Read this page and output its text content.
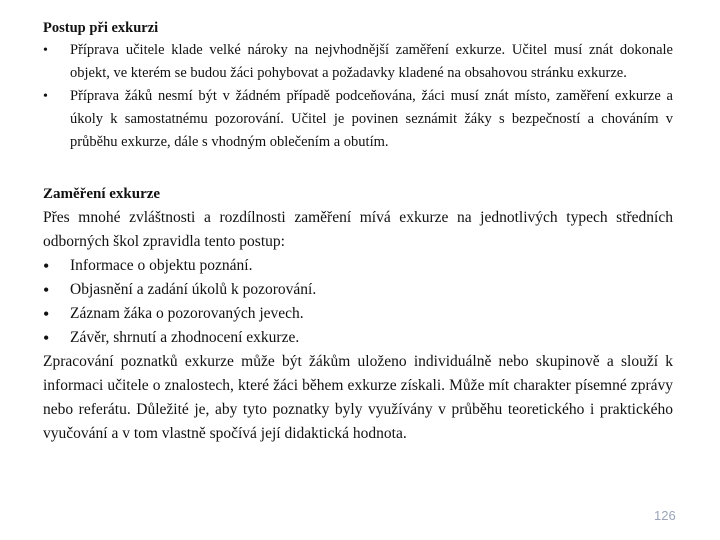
Postup při exkurzi

• Příprava učitele klade velké nároky na nejvhodnější zaměření exkurze. Učitel musí znát dokonale objekt, ve kterém se budou žáci pohybovat a požadavky kladené na obsahovou stránku exkurze.
• Příprava žáků nesmí být v žádném případě podceňována, žáci musí znát místo, zaměření exkurze a úkoly k samostatnému pozorování. Učitel je povinen seznámit žáky s bezpečností a chováním v průběhu exkurze, dále s vhodným oblečením a obutím.

Zaměření exkurze

Přes mnohé zvláštnosti a rozdílnosti zaměření mívá exkurze na jednotlivých typech středních odborných škol zpravidla tento postup:

• Informace o objektu poznání.
• Objasnění a zadání úkolů k pozorování.
• Záznam žáka o pozorovaných jevech.
• Závěr, shrnutí a zhodnocení exkurze.

Zpracování poznatků exkurze může být žákům uloženo individuálně nebo skupinově a slouží k informaci učitele o znalostech, které žáci během exkurze získali. Může mít charakter písemné zprávy nebo referátu. Důležité je, aby tyto poznatky byly využívány v průběhu teoretického i praktického vyučování a v tom vlastně spočívá její didaktická hodnota.

126
